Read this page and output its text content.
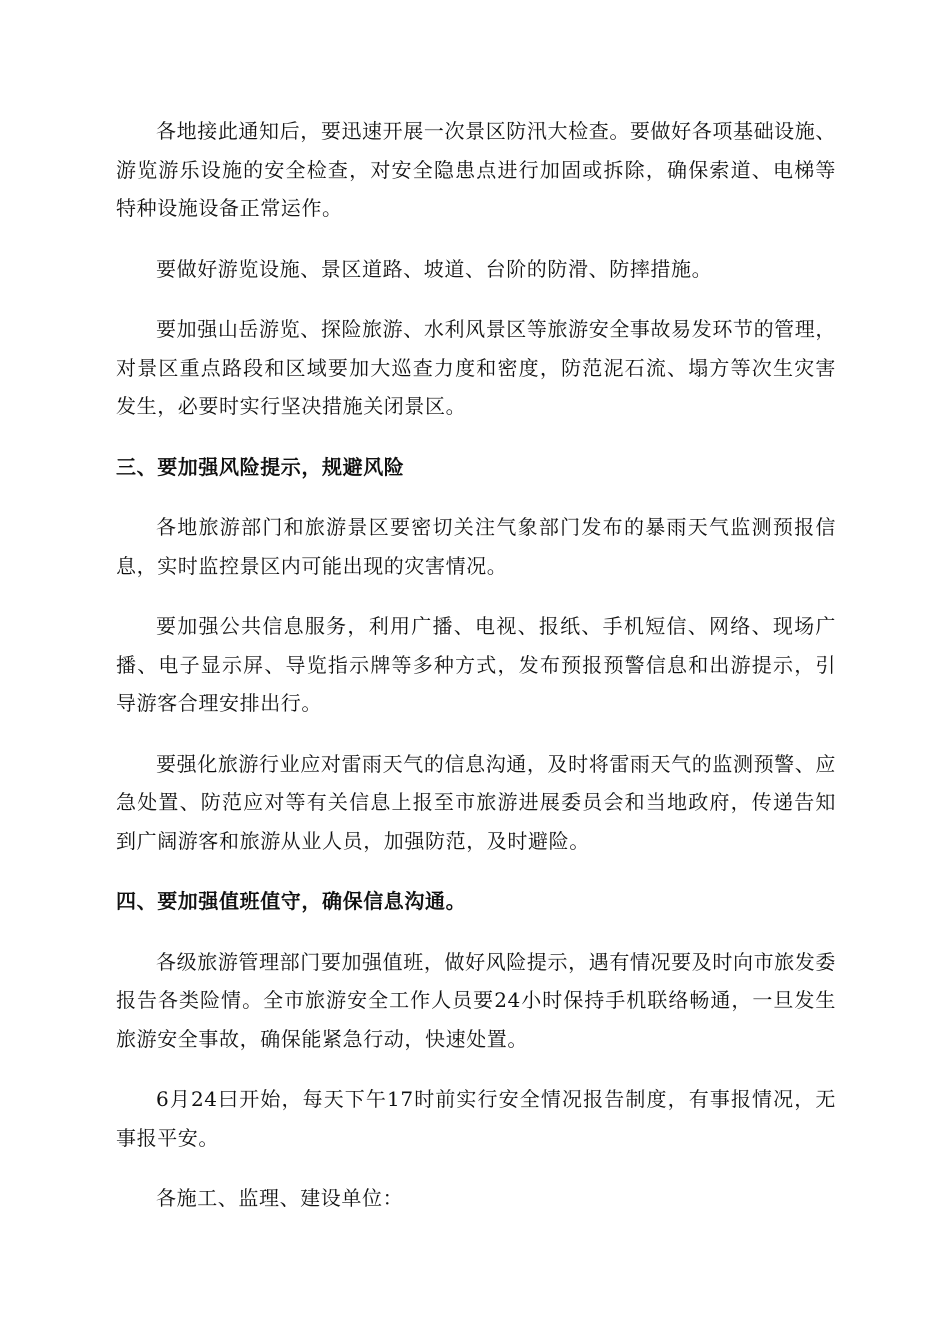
各地接此通知后，要迅速开展一次景区防汛大检查。要做好各项基础设施、游览游乐设施的安全检查，对安全隐患点进行加固或拆除，确保索道、电梯等特种设施设备正常运作。

要做好游览设施、景区道路、坡道、台阶的防滑、防摔措施。

要加强山岳游览、探险旅游、水利风景区等旅游安全事故易发环节的管理，对景区重点路段和区域要加大巡查力度和密度，防范泥石流、塌方等次生灾害发生，必要时实行坚决措施关闭景区。

三、要加强风险提示，规避风险

各地旅游部门和旅游景区要密切关注气象部门发布的暴雨天气监测预报信息，实时监控景区内可能出现的灾害情况。

要加强公共信息服务，利用广播、电视、报纸、手机短信、网络、现场广播、电子显示屏、导览指示牌等多种方式，发布预报预警信息和出游提示，引导游客合理安排出行。

要强化旅游行业应对雷雨天气的信息沟通，及时将雷雨天气的监测预警、应急处置、防范应对等有关信息上报至市旅游进展委员会和当地政府，传递告知到广阔游客和旅游从业人员，加强防范，及时避险。

四、要加强值班值守，确保信息沟通。

各级旅游管理部门要加强值班，做好风险提示，遇有情况要及时向市旅发委报告各类险情。全市旅游安全工作人员要24小时保持手机联络畅通，一旦发生旅游安全事故，确保能紧急行动，快速处置。

6月24曰开始，每天下午17时前实行安全情况报告制度，有事报情况，无事报平安。

各施工、监理、建设单位：
